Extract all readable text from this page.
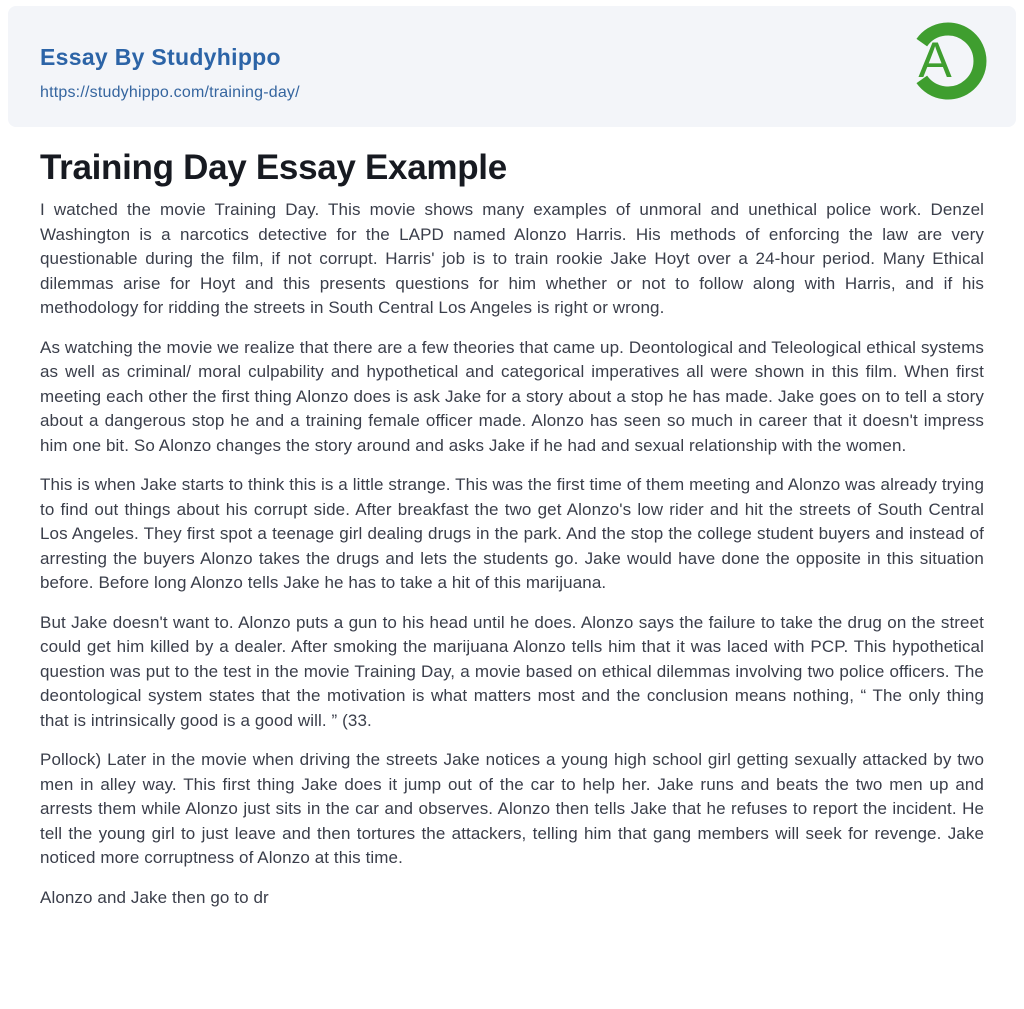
Essay By Studyhippo
https://studyhippo.com/training-day/
A
Training Day Essay Example

I watched the movie Training Day. This movie shows many examples of unmoral and unethical police work. Denzel Washington is a narcotics detective for the LAPD named Alonzo Harris. His methods of enforcing the law are very questionable during the film, if not corrupt. Harris' job is to train rookie Jake Hoyt over a 24-hour period. Many Ethical dilemmas arise for Hoyt and this presents questions for him whether or not to follow along with Harris, and if his methodology for ridding the streets in South Central Los Angeles is right or wrong.

As watching the movie we realize that there are a few theories that came up. Deontological and Teleological ethical systems as well as criminal/ moral culpability and hypothetical and categorical imperatives all were shown in this film. When first meeting each other the first thing Alonzo does is ask Jake for a story about a stop he has made. Jake goes on to tell a story about a dangerous stop he and a training female officer made. Alonzo has seen so much in career that it doesn't impress him one bit. So Alonzo changes the story around and asks Jake if he had and sexual relationship with the women.

This is when Jake starts to think this is a little strange. This was the first time of them meeting and Alonzo was already trying to find out things about his corrupt side. After breakfast the two get Alonzo's low rider and hit the streets of South Central Los Angeles. They first spot a teenage girl dealing drugs in the park. And the stop the college student buyers and instead of arresting the buyers Alonzo takes the drugs and lets the students go. Jake would have done the opposite in this situation before. Before long Alonzo tells Jake he has to take a hit of this marijuana.

But Jake doesn't want to. Alonzo puts a gun to his head until he does. Alonzo says the failure to take the drug on the street could get him killed by a dealer. After smoking the marijuana Alonzo tells him that it was laced with PCP. This hypothetical question was put to the test in the movie Training Day, a movie based on ethical dilemmas involving two police officers. The deontological system states that the motivation is what matters most and the conclusion means nothing, “ The only thing that is intrinsically good is a good will. ” (33.

Pollock) Later in the movie when driving the streets Jake notices a young high school girl getting sexually attacked by two men in alley way. This first thing Jake does it jump out of the car to help her. Jake runs and beats the two men up and arrests them while Alonzo just sits in the car and observes. Alonzo then tells Jake that he refuses to report the incident. He tell the young girl to just leave and then tortures the attackers, telling him that gang members will seek for revenge. Jake noticed more corruptness of Alonzo at this time.

Alonzo and Jake then go to dr
